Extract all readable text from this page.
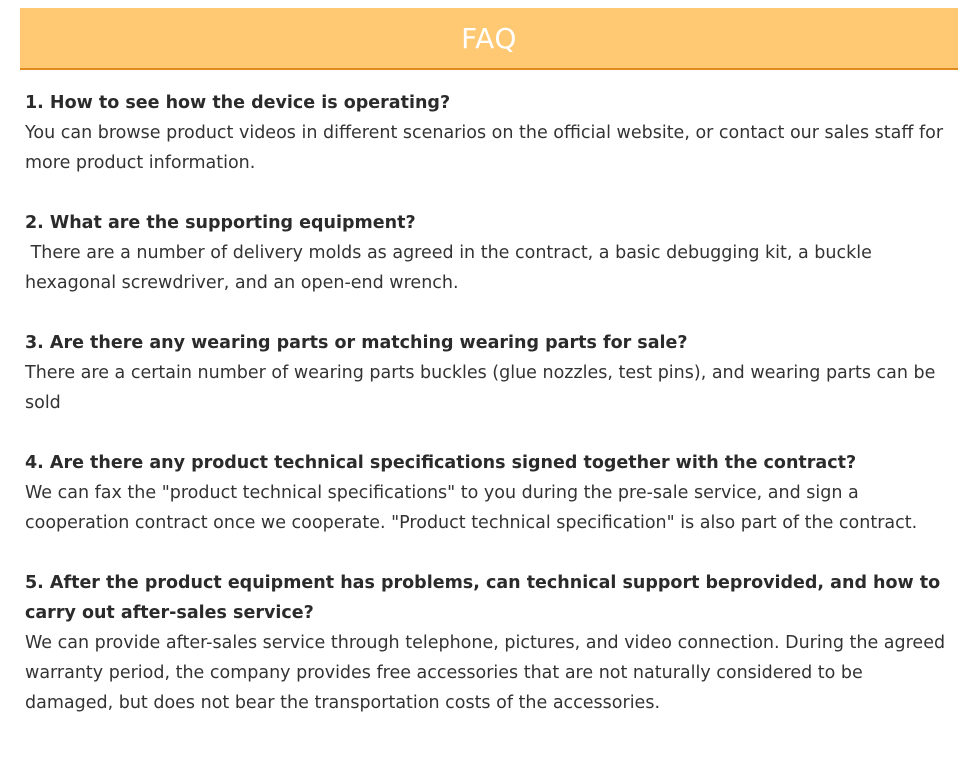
FAQ

1. How to see how the device is operating?

You can browse product videos in different scenarios on the official website, or contact our sales staff for more product information.

2. What are the supporting equipment?

There are a number of delivery molds as agreed in the contract, a basic debugging kit, a buckle hexagonal screwdriver, and an open-end wrench.

3. Are there any wearing parts or matching wearing parts for sale?

There are a certain number of wearing parts buckles (glue nozzles, test pins), and wearing parts can be sold

4. Are there any product technical specifications signed together with the contract?

We can fax the "product technical specifications" to you during the pre-sale service, and sign a cooperation contract once we cooperate. "Product technical specification" is also part of the contract.

5. After the product equipment has problems, can technical support beprovided, and how to carry out after-sales service?

We can provide after-sales service through telephone, pictures, and video connection. During the agreed warranty period, the company provides free accessories that are not naturally considered to be damaged, but does not bear the transportation costs of the accessories.
